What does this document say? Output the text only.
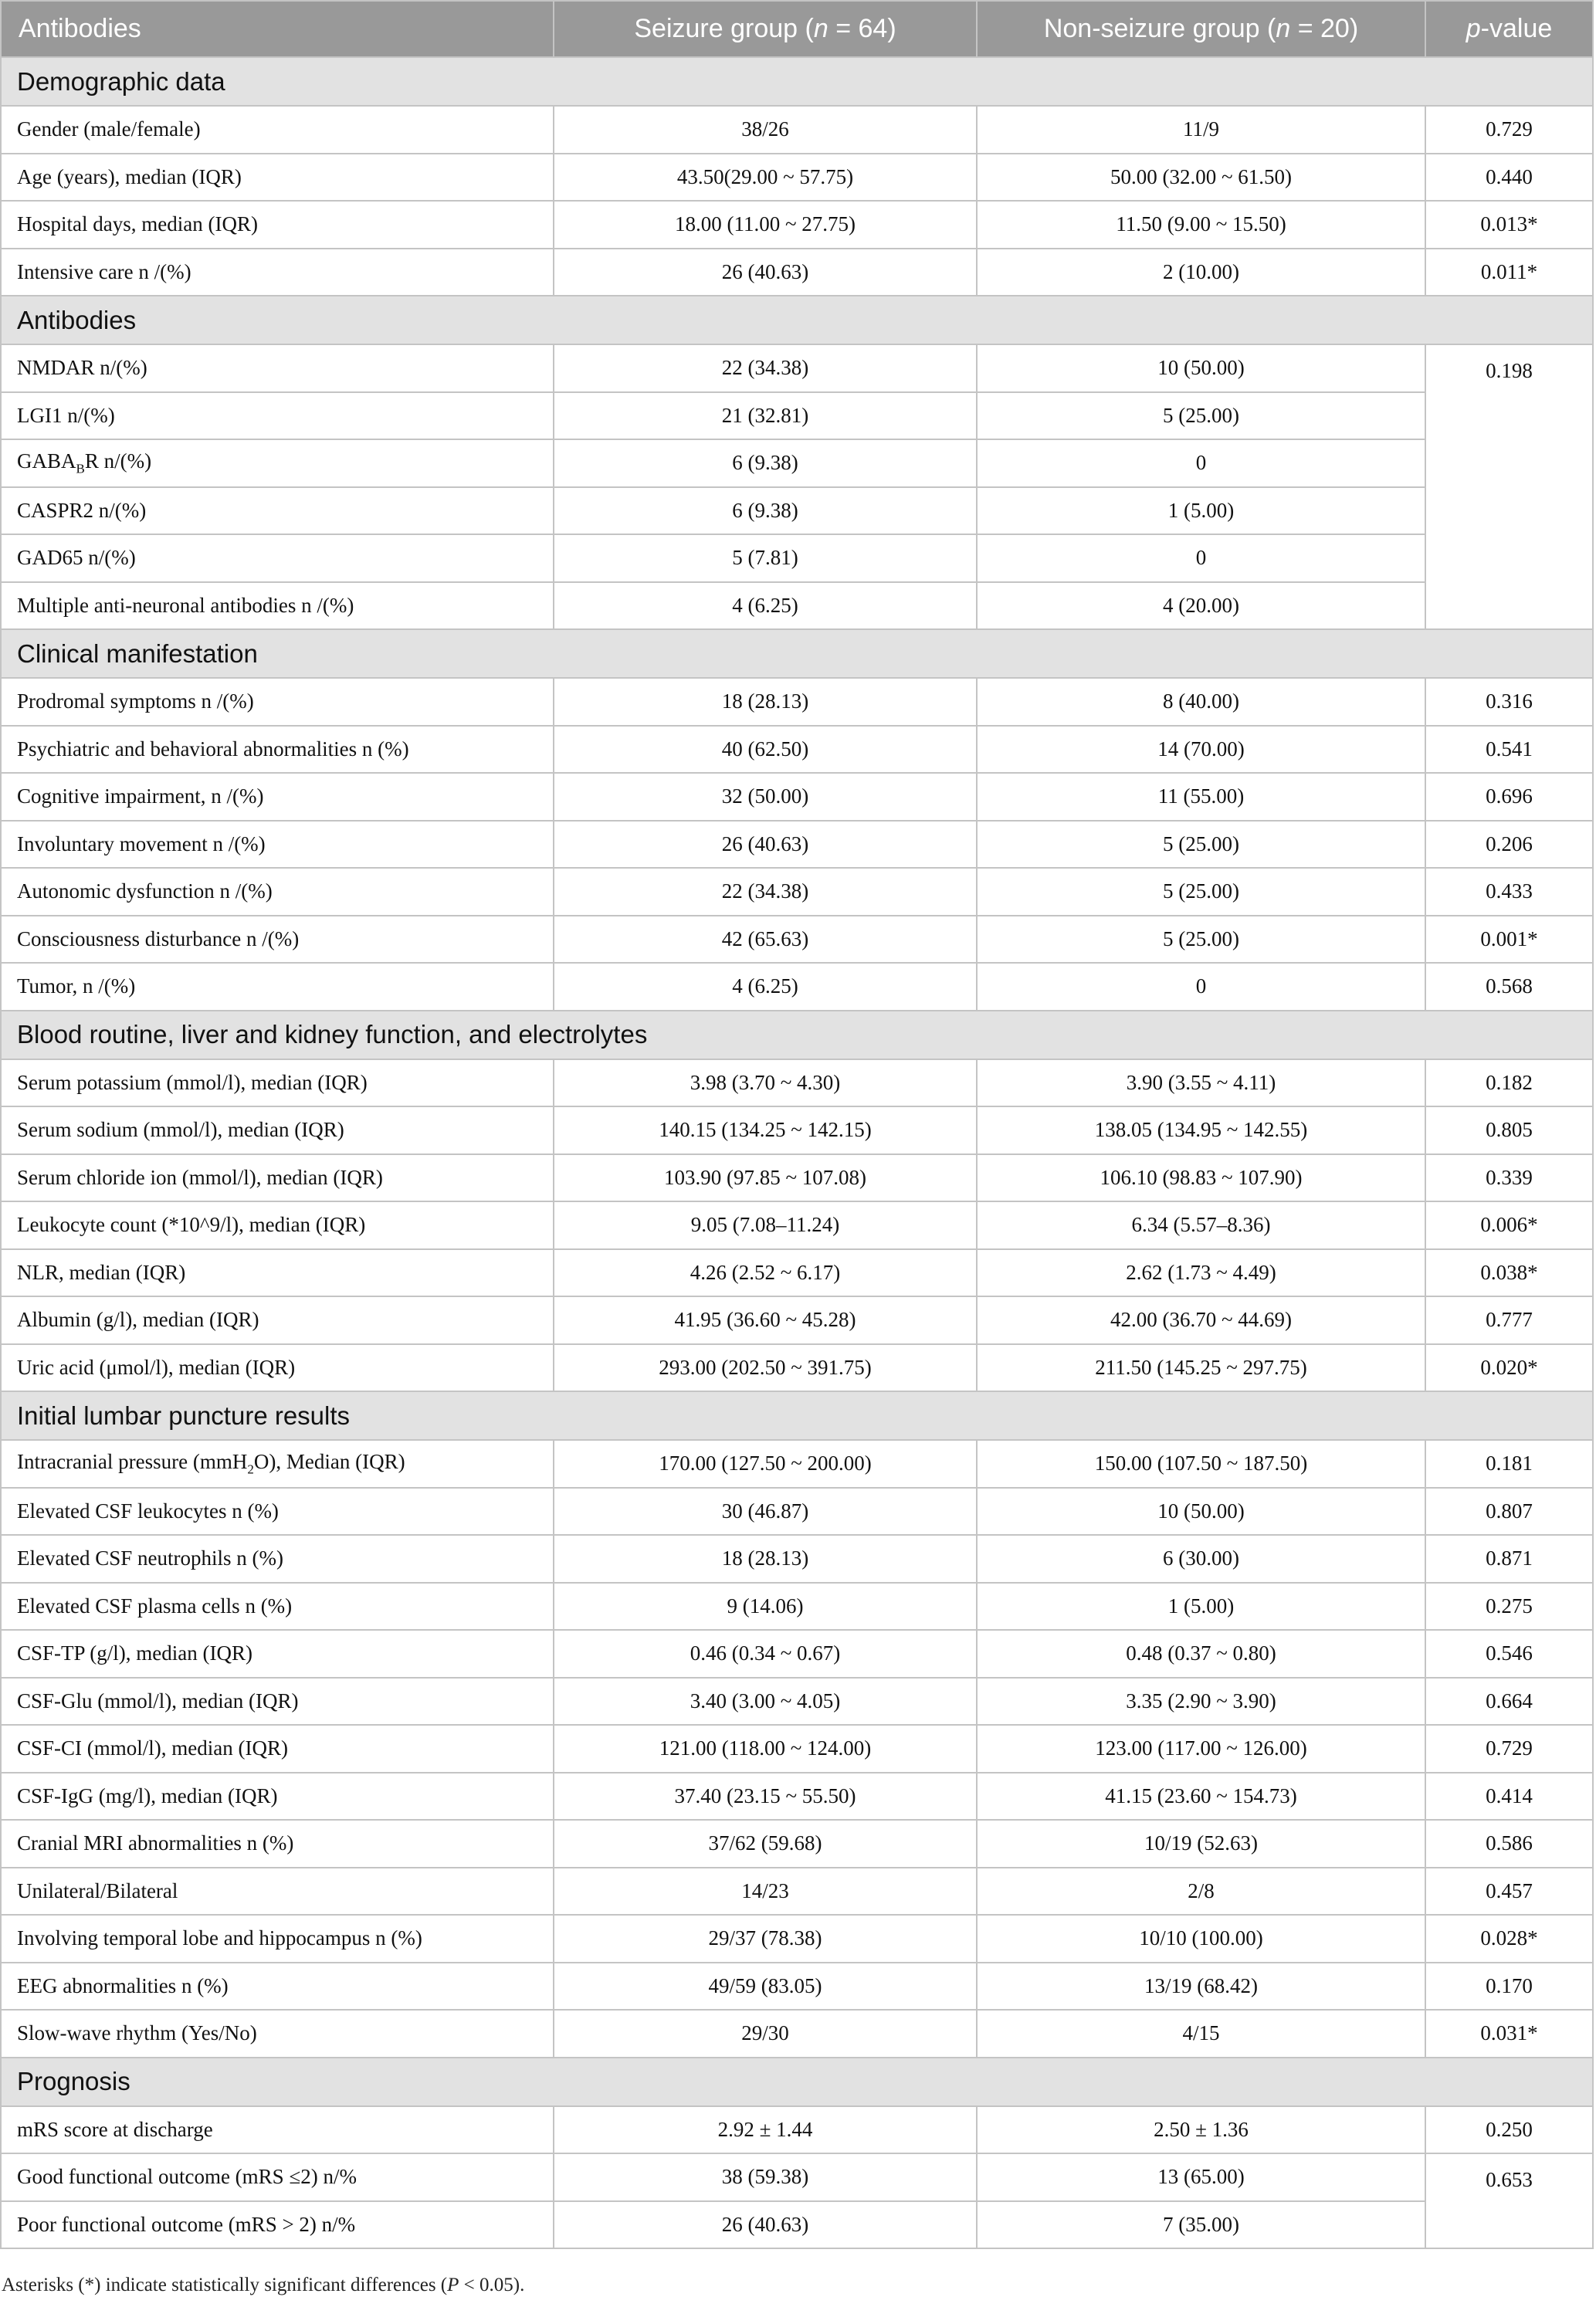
Antibodies	Seizure group (n = 64)	Non-seizure group (n = 20)	p-value
Demographic data			
Gender (male/female)	38/26	11/9	0.729
Age (years), median (IQR)	43.50(29.00 ~ 57.75)	50.00 (32.00 ~ 61.50)	0.440
Hospital days, median (IQR)	18.00 (11.00 ~ 27.75)	11.50 (9.00 ~ 15.50)	0.013*
Intensive care n /(%)	26 (40.63)	2 (10.00)	0.011*
Antibodies			
NMDAR n/(%)	22 (34.38)	10 (50.00)	0.198
LGI1 n/(%)	21 (32.81)	5 (25.00)	
$GABA_BR$ n/(%)	6 (9.38)	0	
CASPR2 n/(%)	6 (9.38)	1 (5.00)	
GAD65 n/(%)	5 (7.81)	0	
Multiple anti-neuronal antibodies n /(%)	4 (6.25)	4 (20.00)	
Clinical manifestation			
Prodromal symptoms n /(%)	18 (28.13)	8 (40.00)	0.316
Psychiatric and behavioral abnormalities n (%)	40 (62.50)	14 (70.00)	0.541
Cognitive impairment, n /(%)	32 (50.00)	11 (55.00)	0.696
Involuntary movement n /(%)	26 (40.63)	5 (25.00)	0.206
Autonomic dysfunction n /(%)	22 (34.38)	5 (25.00)	0.433
Consciousness disturbance n /(%)	42 (65.63)	5 (25.00)	0.001*
Tumor, n /(%)	4 (6.25)	0	0.568
Blood routine, liver and kidney function, and electrolytes			
Serum potassium (mmol/l), median (IQR)	3.98 (3.70 ~ 4.30)	3.90 (3.55 ~ 4.11)	0.182
Serum sodium (mmol/l), median (IQR)	140.15 (134.25 ~ 142.15)	138.05 (134.95 ~ 142.55)	0.805
Serum chloride ion (mmol/l), median (IQR)	103.90 (97.85 ~ 107.08)	106.10 (98.83 ~ 107.90)	0.339
Leukocyte count (*10^9/l), median (IQR)	9.05 (7.08–11.24)	6.34 (5.57–8.36)	0.006*
NLR, median (IQR)	4.26 (2.52 ~ 6.17)	2.62 (1.73 ~ 4.49)	0.038*
Albumin (g/l), median (IQR)	41.95 (36.60 ~ 45.28)	42.00 (36.70 ~ 44.69)	0.777
Uric acid (μmol/l), median (IQR)	293.00 (202.50 ~ 391.75)	211.50 (145.25 ~ 297.75)	0.020*
Initial lumbar puncture results			
Intracranial pressure (mmH$_2$O), Median (IQR)	170.00 (127.50 ~ 200.00)	150.00 (107.50 ~ 187.50)	0.181
Elevated CSF leukocytes n (%)	30 (46.87)	10 (50.00)	0.807
Elevated CSF neutrophils n (%)	18 (28.13)	6 (30.00)	0.871
Elevated CSF plasma cells n (%)	9 (14.06)	1 (5.00)	0.275
CSF-TP (g/l), median (IQR)	0.46 (0.34 ~ 0.67)	0.48 (0.37 ~ 0.80)	0.546
CSF-Glu (mmol/l), median (IQR)	3.40 (3.00 ~ 4.05)	3.35 (2.90 ~ 3.90)	0.664
CSF-CI (mmol/l), median (IQR)	121.00 (118.00 ~ 124.00)	123.00 (117.00 ~ 126.00)	0.729
CSF-IgG (mg/l), median (IQR)	37.40 (23.15 ~ 55.50)	41.15 (23.60 ~ 154.73)	0.414
Cranial MRI abnormalities n (%)	37/62 (59.68)	10/19 (52.63)	0.586
Unilateral/Bilateral	14/23	2/8	0.457
Involving temporal lobe and hippocampus n (%)	29/37 (78.38)	10/10 (100.00)	0.028*
EEG abnormalities n (%)	49/59 (83.05)	13/19 (68.42)	0.170
Slow-wave rhythm (Yes/No)	29/30	4/15	0.031*
Prognosis			
mRS score at discharge	2.92 ± 1.44	2.50 ± 1.36	0.250
Good functional outcome (mRS ≤2) n/%	38 (59.38)	13 (65.00)	0.653
Poor functional outcome (mRS > 2) n/%	26 (40.63)	7 (35.00)	
Asterisks (*) indicate statistically significant differences (P < 0.05).
